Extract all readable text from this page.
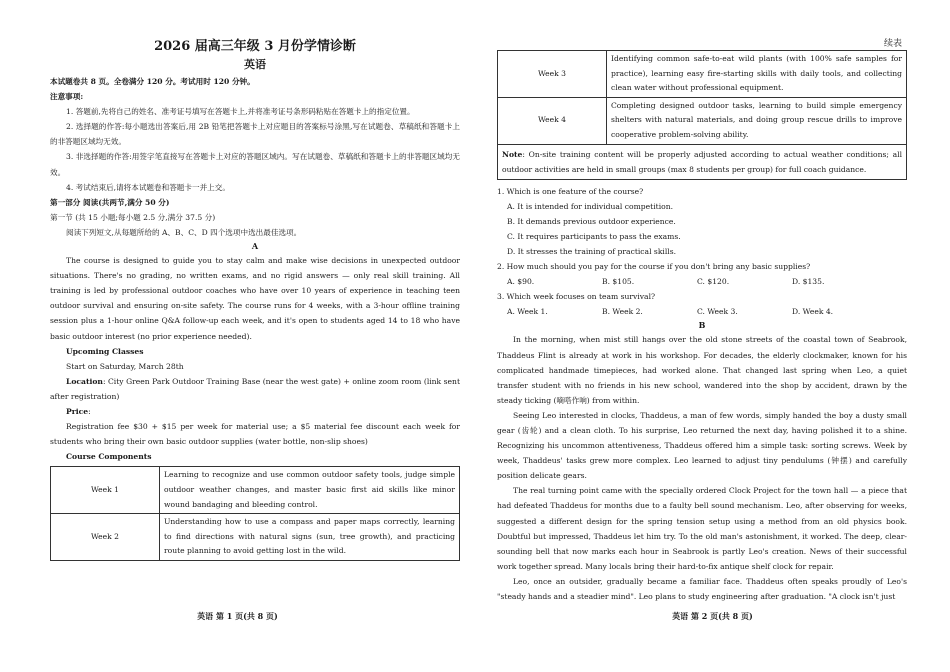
2026 届高三年级 3 月份学情诊断

英语

本试题卷共 8 页。全卷满分 120 分。考试用时 120 分钟。

注意事项:

1. 答题前,先将自己的姓名、准考证号填写在答题卡上,并将准考证号条形码粘贴在答题卡上的指定位置。

2. 选择题的作答:每小题选出答案后,用 2B 铅笔把答题卡上对应题目的答案标号涂黑,写在试题卷、草稿纸和答题卡上的非答题区域均无效。

3. 非选择题的作答:用签字笔直接写在答题卡上对应的答题区域内。写在试题卷、草稿纸和答题卡上的非答题区域均无效。

4. 考试结束后,请将本试题卷和答题卡一并上交。

第一部分 阅读(共两节,满分 50 分)

第一节 (共 15 小题;每小题 2.5 分,满分 37.5 分)

阅读下列短文,从每题所给的 A、B、C、D 四个选项中选出最佳选项。

A

The course is designed to guide you to stay calm and make wise decisions in unexpected outdoor situations. There's no grading, no written exams, and no rigid answers — only real skill training. All training is led by professional outdoor coaches who have over 10 years of experience in teaching teen outdoor survival and ensuring on-site safety. The course runs for 4 weeks, with a 3-hour offline training session plus a 1-hour online Q&A follow-up each week, and it's open to students aged 14 to 18 who have basic outdoor interest (no prior experience needed).

Upcoming Classes

Start on Saturday, March 28th

Location: City Green Park Outdoor Training Base (near the west gate) + online zoom room (link sent after registration)

Price:

Registration fee $30 + $15 per week for material use; a $5 material fee discount each week for students who bring their own basic outdoor supplies (water bottle, non-slip shoes)

Course Components

Week 1	Learning to recognize and use common outdoor safety tools, judge simple outdoor weather changes, and master basic first aid skills like minor wound bandaging and bleeding control.
Week 2	Understanding how to use a compass and paper maps correctly, learning to find directions with natural signs (sun, tree growth), and practicing route planning to avoid getting lost in the wild.
英语 第 1 页(共 8 页)
续表
Week 3	Identifying common safe-to-eat wild plants (with 100% safe samples for practice), learning easy fire-starting skills with daily tools, and collecting clean water without professional equipment.
Week 4	Completing designed outdoor tasks, learning to build simple emergency shelters with natural materials, and doing group rescue drills to improve cooperative problem-solving ability.
Note: On-site training content will be properly adjusted according to actual weather conditions; all outdoor activities are held in small groups (max 8 students per group) for full coach guidance.

1. Which is one feature of the course?

A. It is intended for individual competition.

B. It demands previous outdoor experience.

C. It requires participants to pass the exams.

D. It stresses the training of practical skills.

2. How much should you pay for the course if you don't bring any basic supplies?

A. $90.	B. $105.	C. $120.	D. $135.

3. Which week focuses on team survival?

A. Week 1.	B. Week 2.	C. Week 3.	D. Week 4.

B

In the morning, when mist still hangs over the old stone streets of the coastal town of Seabrook, Thaddeus Flint is already at work in his workshop. For decades, the elderly clockmaker, known for his complicated handmade timepieces, had worked alone. That changed last spring when Leo, a quiet transfer student with no friends in his new school, wandered into the shop by accident, drawn by the steady ticking (嘀嗒作响) from within.

Seeing Leo interested in clocks, Thaddeus, a man of few words, simply handed the boy a dusty small gear (齿轮) and a clean cloth. To his surprise, Leo returned the next day, having polished it to a shine. Recognizing his uncommon attentiveness, Thaddeus offered him a simple task: sorting screws. Week by week, Thaddeus' tasks grew more complex. Leo learned to adjust tiny pendulums (钟摆) and carefully position delicate gears.

The real turning point came with the specially ordered Clock Project for the town hall — a piece that had defeated Thaddeus for months due to a faulty bell sound mechanism. Leo, after observing for weeks, suggested a different design for the spring tension setup using a method from an old physics book. Doubtful but impressed, Thaddeus let him try. To the old man's astonishment, it worked. The deep, clear-sounding bell that now marks each hour in Seabrook is partly Leo's creation. News of their successful work together spread. Many locals bring their hard-to-fix antique shelf clock for repair.

Leo, once an outsider, gradually became a familiar face. Thaddeus often speaks proudly of Leo's "steady hands and a steadier mind". Leo plans to study engineering after graduation. "A clock isn't just

英语 第 2 页(共 8 页)
